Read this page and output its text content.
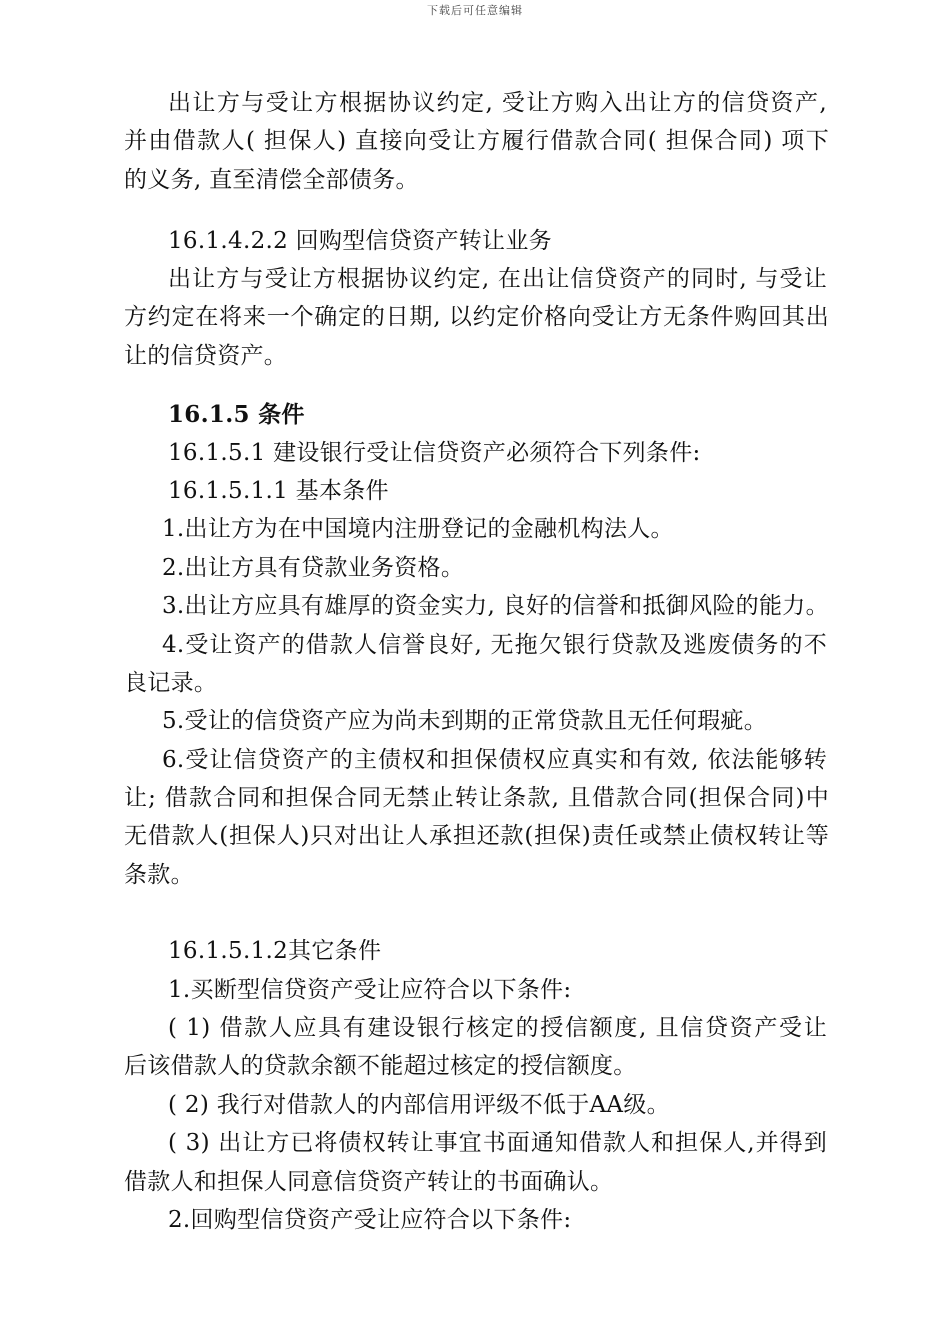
下载后可任意编辑
出让方与受让方根据协议约定, 受让方购入出让方的信贷资产,
并由借款人( 担保人) 直接向受让方履行借款合同( 担保合同) 项下
的义务, 直至清偿全部债务。
16.1.4.2.2 回购型信贷资产转让业务
出让方与受让方根据协议约定, 在出让信贷资产的同时, 与受让
方约定在将来一个确定的日期, 以约定价格向受让方无条件购回其出
让的信贷资产。
16.1.5 条件
16.1.5.1 建设银行受让信贷资产必须符合下列条件:
16.1.5.1.1 基本条件
1.出让方为在中国境内注册登记的金融机构法人。
2.出让方具有贷款业务资格。
3.出让方应具有雄厚的资金实力, 良好的信誉和抵御风险的能力。
4.受让资产的借款人信誉良好, 无拖欠银行贷款及逃废债务的不
良记录。
5.受让的信贷资产应为尚未到期的正常贷款且无任何瑕疵。
6.受让信贷资产的主债权和担保债权应真实和有效, 依法能够转
让; 借款合同和担保合同无禁止转让条款, 且借款合同(担保合同)中
无借款人(担保人)只对出让人承担还款(担保)责任或禁止债权转让等
条款。
16.1.5.1.2其它条件
1.买断型信贷资产受让应符合以下条件:
( 1) 借款人应具有建设银行核定的授信额度, 且信贷资产受让
后该借款人的贷款余额不能超过核定的授信额度。
( 2) 我行对借款人的内部信用评级不低于AA级。
( 3) 出让方已将债权转让事宜书面通知借款人和担保人,并得到
借款人和担保人同意信贷资产转让的书面确认。
2.回购型信贷资产受让应符合以下条件:
